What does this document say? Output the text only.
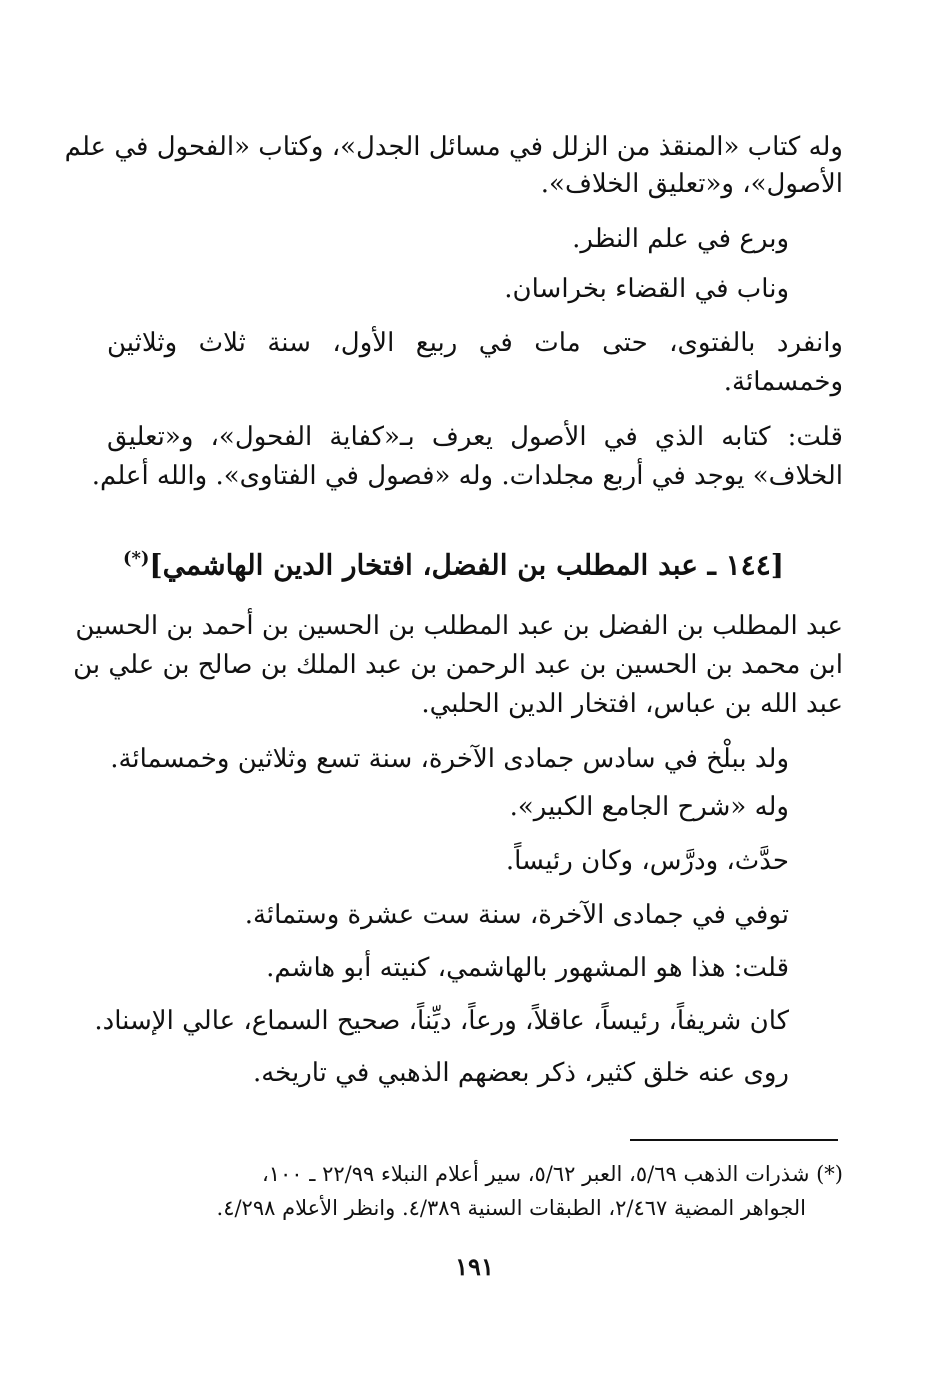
وله كتاب «المنقذ من الزلل في مسائل الجدل»، وكتاب «الفحول في علم
الأصول»، و«تعليق الخلاف».
وبرع في علم النظر.
وناب في القضاء بخراسان.
وانفرد بالفتوى، حتى مات في ربيع الأول، سنة ثلاث وثلاثين
وخمسمائة.
قلت: كتابه الذي في الأصول يعرف بـ«كفاية الفحول»، و«تعليق
الخلاف» يوجد في أربع مجلدات. وله «فصول في الفتاوى». والله أعلم.
[١٤٤ ـ عبد المطلب بن الفضل، افتخار الدين الهاشمي](*)
عبد المطلب بن الفضل بن عبد المطلب بن الحسين بن أحمد بن الحسين
ابن محمد بن الحسين بن عبد الرحمن بن عبد الملك بن صالح بن علي بن
عبد الله بن عباس، افتخار الدين الحلبي.
ولد ببلْخ في سادس جمادى الآخرة، سنة تسع وثلاثين وخمسمائة.
وله «شرح الجامع الكبير».
حدَّث، ودرَّس، وكان رئيساً.
توفي في جمادى الآخرة، سنة ست عشرة وستمائة.
قلت: هذا هو المشهور بالهاشمي، كنيته أبو هاشم.
كان شريفاً، رئيساً، عاقلاً، ورعاً، ديِّناً، صحيح السماع، عالي الإسناد.
روى عنه خلق كثير، ذكر بعضهم الذهبي في تاريخه.
(*) شذرات الذهب ٥/٦٩، العبر ٥/٦٢، سير أعلام النبلاء ٢٢/٩٩ ـ ١٠٠،
الجواهر المضية ٢/٤٦٧، الطبقات السنية ٤/٣٨٩. وانظر الأعلام ٤/٢٩٨.
١٩١
